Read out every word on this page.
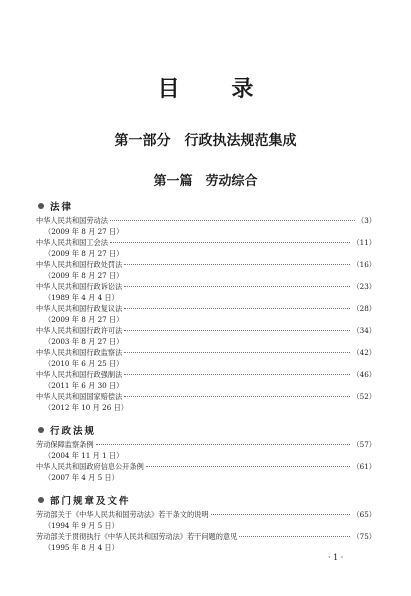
目 录
第一部分　行政执法规范集成
第一篇　劳动综合
法律
中华人民共和国劳动法	（3）
（2009 年 8 月 27 日）
中华人民共和国工会法	（11）
（2009 年 8 月 27 日）
中华人民共和国行政处罚法	（16）
（2009 年 8 月 27 日）
中华人民共和国行政诉讼法	（23）
（1989 年 4 月 4 日）
中华人民共和国行政复议法	（28）
（2009 年 8 月 27 日）
中华人民共和国行政许可法	（34）
（2003 年 8 月 27 日）
中华人民共和国行政监察法	（42）
（2010 年 6 月 25 日）
中华人民共和国行政强制法	（46）
（2011 年 6 月 30 日）
中华人民共和国国家赔偿法	（52）
（2012 年 10 月 26 日）
行政法规
劳动保障监察条例	（57）
（2004 年 11 月 1 日）
中华人民共和国政府信息公开条例	（61）
（2007 年 4 月 5 日）
部门规章及文件
劳动部关于《中华人民共和国劳动法》若干条文的说明	（65）
（1994 年 9 月 5 日）
劳动部关于贯彻执行《中华人民共和国劳动法》若干问题的意见	（75）
（1995 年 8 月 4 日）
· 1 ·
